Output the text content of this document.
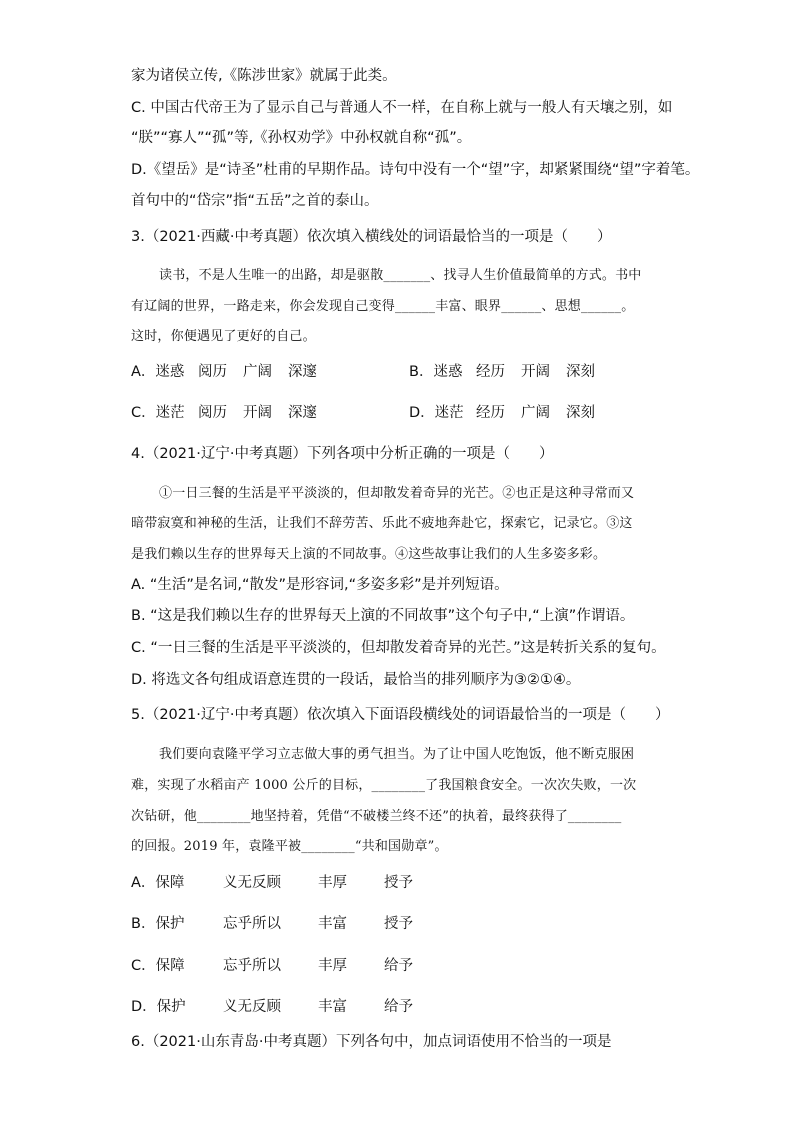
家为诸侯立传,《陈涉世家》就属于此类。
C. 中国古代帝王为了显示自己与普通人不一样，在自称上就与一般人有天壤之别，如
“朕”“寡人”“孤”等,《孙权劝学》中孙权就自称“孤”。
D.《望岳》是“诗圣”杜甫的早期作品。诗句中没有一个“望”字，却紧紧围绕“望”字着笔。
首句中的“岱宗”指“五岳”之首的泰山。
3.（2021·西藏·中考真题）依次填入横线处的词语最恰当的一项是（　　）
读书，不是人生唯一的出路，却是驱散_______、找寻人生价值最简单的方式。书中
有辽阔的世界，一路走来，你会发现自己变得______丰富、眼界______、思想______。
这时，你便遇见了更好的自己。
A．迷惑 阅历 广阔 深邃	B．迷惑 经历 开阔 深刻
C．迷茫 阅历 开阔 深邃	D．迷茫 经历 广阔 深刻
4.（2021·辽宁·中考真题）下列各项中分析正确的一项是（　　）
①一日三餐的生活是平平淡淡的，但却散发着奇异的光芒。②也正是这种寻常而又
暗带寂寞和神秘的生活，让我们不辞劳苦、乐此不疲地奔赴它，探索它，记录它。③这
是我们赖以生存的世界每天上演的不同故事。④这些故事让我们的人生多姿多彩。
A. “生活”是名词,“散发”是形容词,“多姿多彩”是并列短语。
B. “这是我们赖以生存的世界每天上演的不同故事”这个句子中,“上演”作谓语。
C. “一日三餐的生活是平平淡淡的，但却散发着奇异的光芒。”这是转折关系的复句。
D. 将选文各句组成语意连贯的一段话，最恰当的排列顺序为③②①④。
5.（2021·辽宁·中考真题）依次填入下面语段横线处的词语最恰当的一项是（　　）
我们要向袁隆平学习立志做大事的勇气担当。为了让中国人吃饱饭，他不断克服困
难，实现了水稻亩产 1000 公斤的目标，________了我国粮食安全。一次次失败，一次
次钻研，他________地坚持着，凭借“不破楼兰终不还”的执着，最终获得了________
的回报。2019 年，袁隆平被________“共和国勋章”。
A．保障	义无反顾	丰厚	授予
B．保护	忘乎所以	丰富	授予
C．保障	忘乎所以	丰厚	给予
D．保护	义无反顾	丰富	给予
6.（2021·山东青岛·中考真题）下列各句中，加点词语使用不恰当的一项是
